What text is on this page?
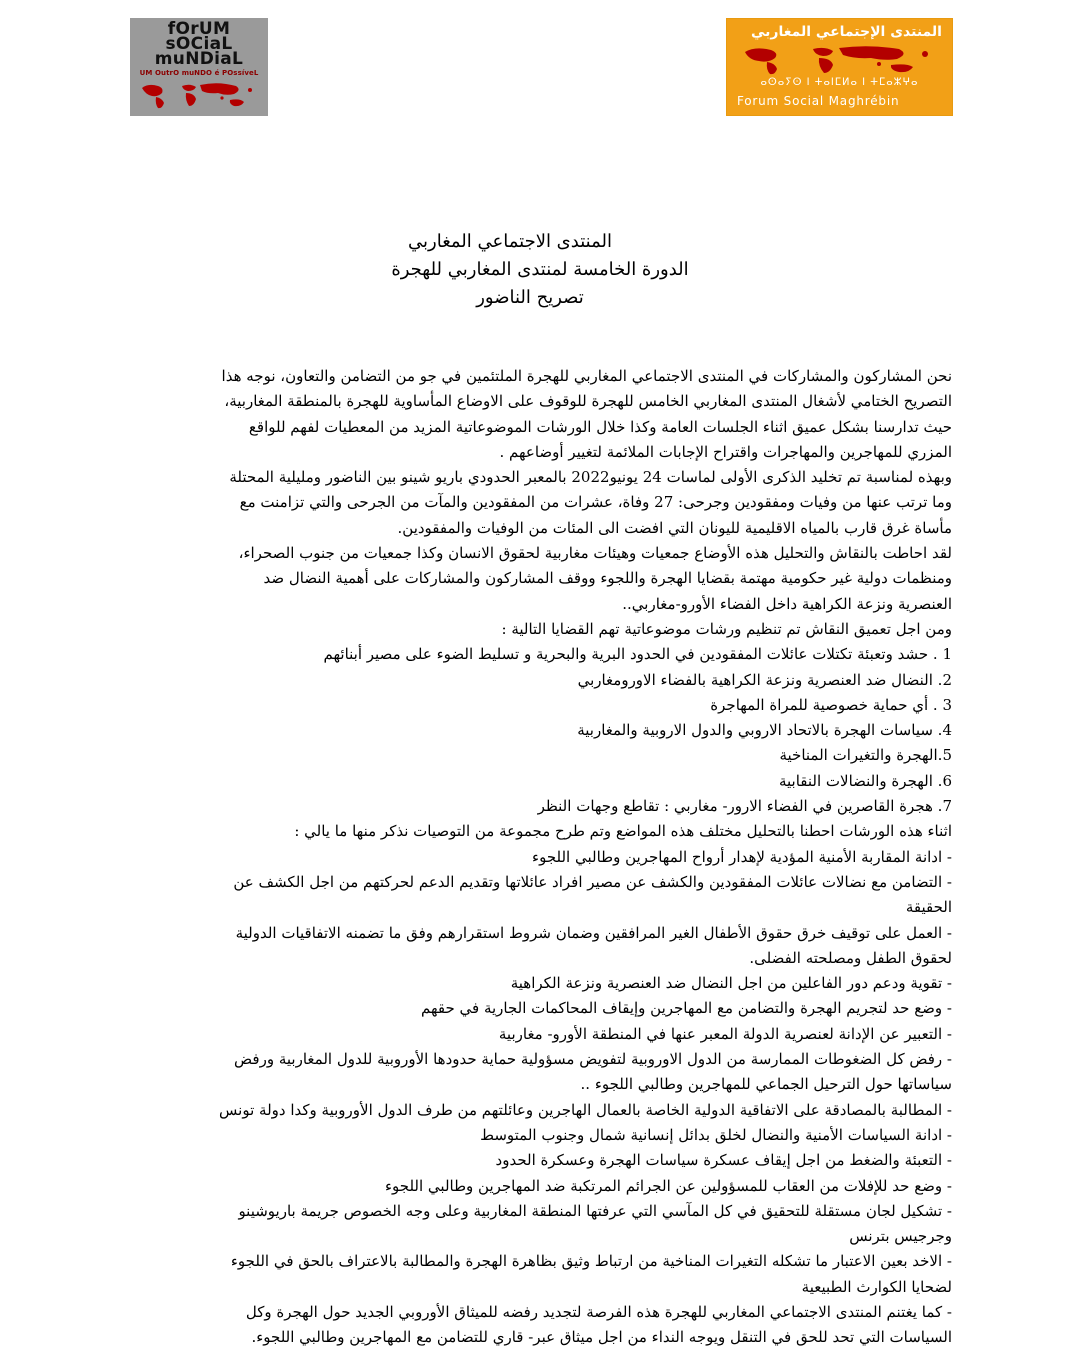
fOrUM
sOCiaL
muNDiaL
UM OutrO muNDO é POssíveL
المنتدى الإجتماعي المغاربي
ⴰⵙⴰⵢⵙ ⵏ ⵜⴰⵏⵎⵍⴰ ⵏ ⵜⵎⴰⵣⵖⴰ
Forum Social Maghrébin
المنتدى الاجتماعي المغاربي
الدورة الخامسة لمنتدى المغاربي للهجرة
تصريح الناضور

نحن المشاركون والمشاركات في المنتدى الاجتماعي المغاربي للهجرة الملتئمين في جو من التضامن والتعاون، نوجه هذا

التصريح الختامي لأشغال المنتدى المغاربي الخامس للهجرة للوقوف على الاوضاع المأساوية للهجرة بالمنطقة المغاربية،

حيث تدارسنا بشكل عميق اثناء الجلسات العامة وكذا خلال الورشات الموضوعاتية المزيد من المعطيات لفهم للواقع

المزري للمهاجرين والمهاجرات واقتراح الإجابات الملائمة لتغيير أوضاعهم .

وبهذه لمناسبة تم تخليد الذكرى الأولى لماسات 24 يونيو2022 بالمعبر الحدودي باريو شينو بين الناضور ومليلية المحتلة

وما ترتب عنها من وفيات ومفقودين وجرحى: 27 وفاة، عشرات من المفقودين والمآت من الجرحى والتي تزامنت مع

مأساة غرق قارب بالمياه الاقليمية لليونان التي افضت الى المئات من الوفيات والمفقودين.

لقد احاطت بالنقاش والتحليل هذه الأوضاع جمعيات وهيئات مغاربية لحقوق الانسان وكذا جمعيات من جنوب الصحراء،

ومنظمات دولية غير حكومية مهتمة بقضايا الهجرة واللجوء ووقف المشاركون والمشاركات على أهمية النضال ضد

العنصرية ونزعة الكراهية داخل الفضاء الأورو-مغاربي..

ومن اجل تعميق النقاش تم تنظيم ورشات موضوعاتية تهم القضايا التالية :

1 . حشد وتعبئة تكتلات عائلات المفقودين في الحدود البرية والبحرية و تسليط الضوء على مصير أبنائهم

2. النضال ضد العنصرية ونزعة الكراهية بالفضاء الاورومغاربي

3 . أي حماية خصوصية للمراة المهاجرة

4. سياسات الهجرة بالاتحاد الاروبي والدول الاروبية والمغاربية

5.الهجرة والتغيرات المناخية

6. الهجرة والنضالات النقابية

7. هجرة القاصرين في الفضاء الارور- مغاربي : تقاطع وجهات النظر

اثناء هذه الورشات احطنا بالتحليل مختلف هذه المواضع وتم طرح مجموعة من التوصيات نذكر منها ما يالي :

- ادانة المقاربة الأمنية المؤدية لإهدار أرواح المهاجرين وطالبي اللجوء

- التضامن مع نضالات عائلات المفقودين والكشف عن مصير افراد عائلاتها وتقديم الدعم لحركتهم من اجل الكشف عن

الحقيقة

- العمل على توقيف خرق حقوق الأطفال الغير المرافقين وضمان شروط استقرارهم وفق ما تضمنه الاتفاقيات الدولية

لحقوق الطفل ومصلحته الفضلى.

- تقوية ودعم دور الفاعلين من اجل النضال ضد العنصرية ونزعة الكراهية

- وضع حد لتجريم الهجرة والتضامن مع المهاجرين وإيقاف المحاكمات الجارية في حقهم

- التعبير عن الإدانة لعنصرية الدولة المعبر عنها في المنطقة الأورو- مغاربية

- رفض كل الضغوطات الممارسة من الدول الاوروبية لتفويض مسؤولية حماية حدودها الأوروبية للدول المغاربية ورفض

سياساتها حول الترحيل الجماعي للمهاجرين وطالبي اللجوء ..

- المطالبة بالمصادقة على الاتفاقية الدولية الخاصة بالعمال الهاجرين وعائلتهم من طرف الدول الأوروبية وكدا دولة تونس

- ادانة السياسات الأمنية والنضال لخلق بدائل إنسانية شمال وجنوب المتوسط

- التعبئة والضغط من اجل إيقاف عسكرة سياسات الهجرة وعسكرة الحدود

- وضع حد للإفلات من العقاب للمسؤولين عن الجرائم المرتكبة ضد المهاجرين وطالبي اللجوء

- تشكيل لجان مستقلة للتحقيق في كل المآسي التي عرفتها المنطقة المغاربية وعلى وجه الخصوص جريمة باريوشينو

وجرجيس بترنس

- الاخد بعين الاعتبار ما تشكله التغيرات المناخية من ارتباط وثيق بظاهرة الهجرة والمطالبة بالاعتراف بالحق في اللجوء

لضحايا الكوارث الطبيعية

- كما يغتنم المنتدى الاجتماعي المغاربي للهجرة هذه الفرصة لتجديد رفضه للميثاق الأوروبي الجديد حول الهجرة وكل

السياسات التي تحد للحق في التنقل ويوجه النداء من اجل ميثاق عبر- قاري للتضامن مع المهاجرين وطالبي اللجوء.
